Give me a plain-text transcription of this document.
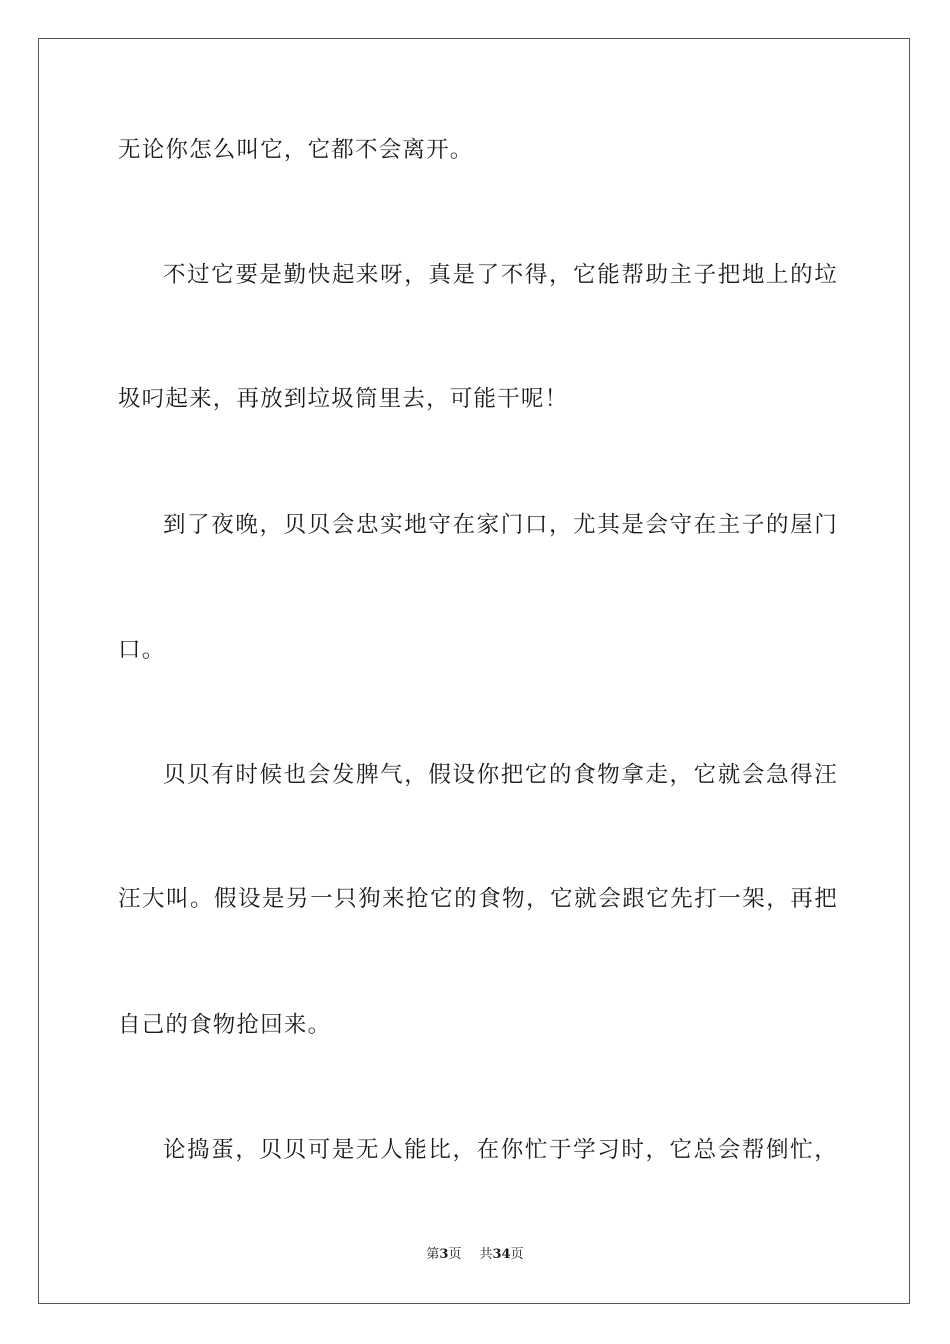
无论你怎么叫它，它都不会离开。
不过它要是勤快起来呀，真是了不得，它能帮助主子把地上的垃
圾叼起来，再放到垃圾筒里去，可能干呢！
到了夜晚，贝贝会忠实地守在家门口，尤其是会守在主子的屋门
口。
贝贝有时候也会发脾气，假设你把它的食物拿走，它就会急得汪
汪大叫。假设是另一只狗来抢它的食物，它就会跟它先打一架，再把
自己的食物抢回来。
论捣蛋，贝贝可是无人能比，在你忙于学习时，它总会帮倒忙，
第3页 共34页
